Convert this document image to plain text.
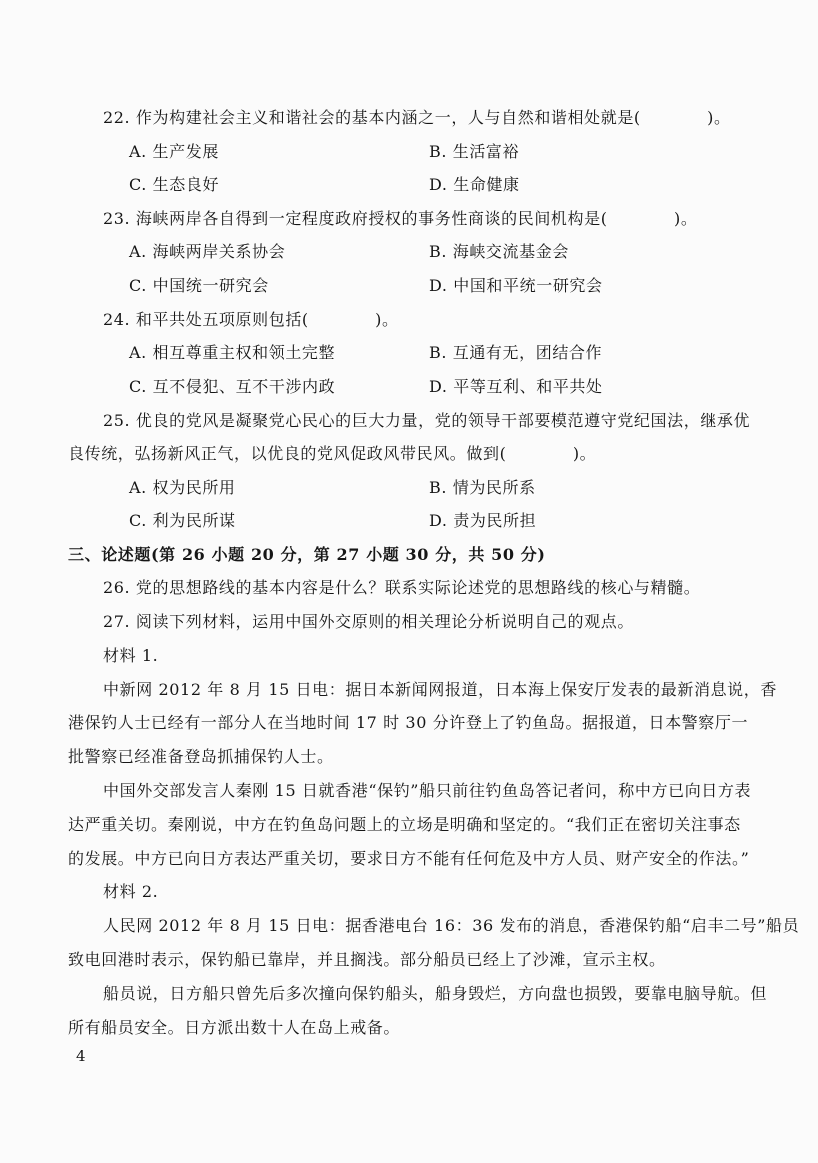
22. 作为构建社会主义和谐社会的基本内涵之一，人与自然和谐相处就是(　　　　)。
A. 生产发展	B. 生活富裕
C. 生态良好	D. 生命健康
23. 海峡两岸各自得到一定程度政府授权的事务性商谈的民间机构是(　　　　)。
A. 海峡两岸关系协会	B. 海峡交流基金会
C. 中国统一研究会	D. 中国和平统一研究会
24. 和平共处五项原则包括(　　　　)。
A. 相互尊重主权和领土完整	B. 互通有无，团结合作
C. 互不侵犯、互不干涉内政	D. 平等互利、和平共处
25. 优良的党风是凝聚党心民心的巨大力量，党的领导干部要模范遵守党纪国法，继承优
良传统，弘扬新风正气，以优良的党风促政风带民风。做到(　　　　)。
A. 权为民所用	B. 情为民所系
C. 利为民所谋	D. 责为民所担
三、论述题(第 26 小题 20 分，第 27 小题 30 分，共 50 分)
26. 党的思想路线的基本内容是什么？联系实际论述党的思想路线的核心与精髓。
27. 阅读下列材料，运用中国外交原则的相关理论分析说明自己的观点。
材料 1.
中新网 2012 年 8 月 15 日电：据日本新闻网报道，日本海上保安厅发表的最新消息说，香
港保钓人士已经有一部分人在当地时间 17 时 30 分许登上了钓鱼岛。据报道，日本警察厅一
批警察已经准备登岛抓捕保钓人士。
中国外交部发言人秦刚 15 日就香港“保钓”船只前往钓鱼岛答记者问，称中方已向日方表
达严重关切。秦刚说，中方在钓鱼岛问题上的立场是明确和坚定的。“我们正在密切关注事态
的发展。中方已向日方表达严重关切，要求日方不能有任何危及中方人员、财产安全的作法。”
材料 2.
人民网 2012 年 8 月 15 日电：据香港电台 16：36 发布的消息，香港保钓船“启丰二号”船员
致电回港时表示，保钓船已靠岸，并且搁浅。部分船员已经上了沙滩，宣示主权。
船员说，日方船只曾先后多次撞向保钓船头，船身毁烂，方向盘也损毁，要靠电脑导航。但
所有船员安全。日方派出数十人在岛上戒备。
4
